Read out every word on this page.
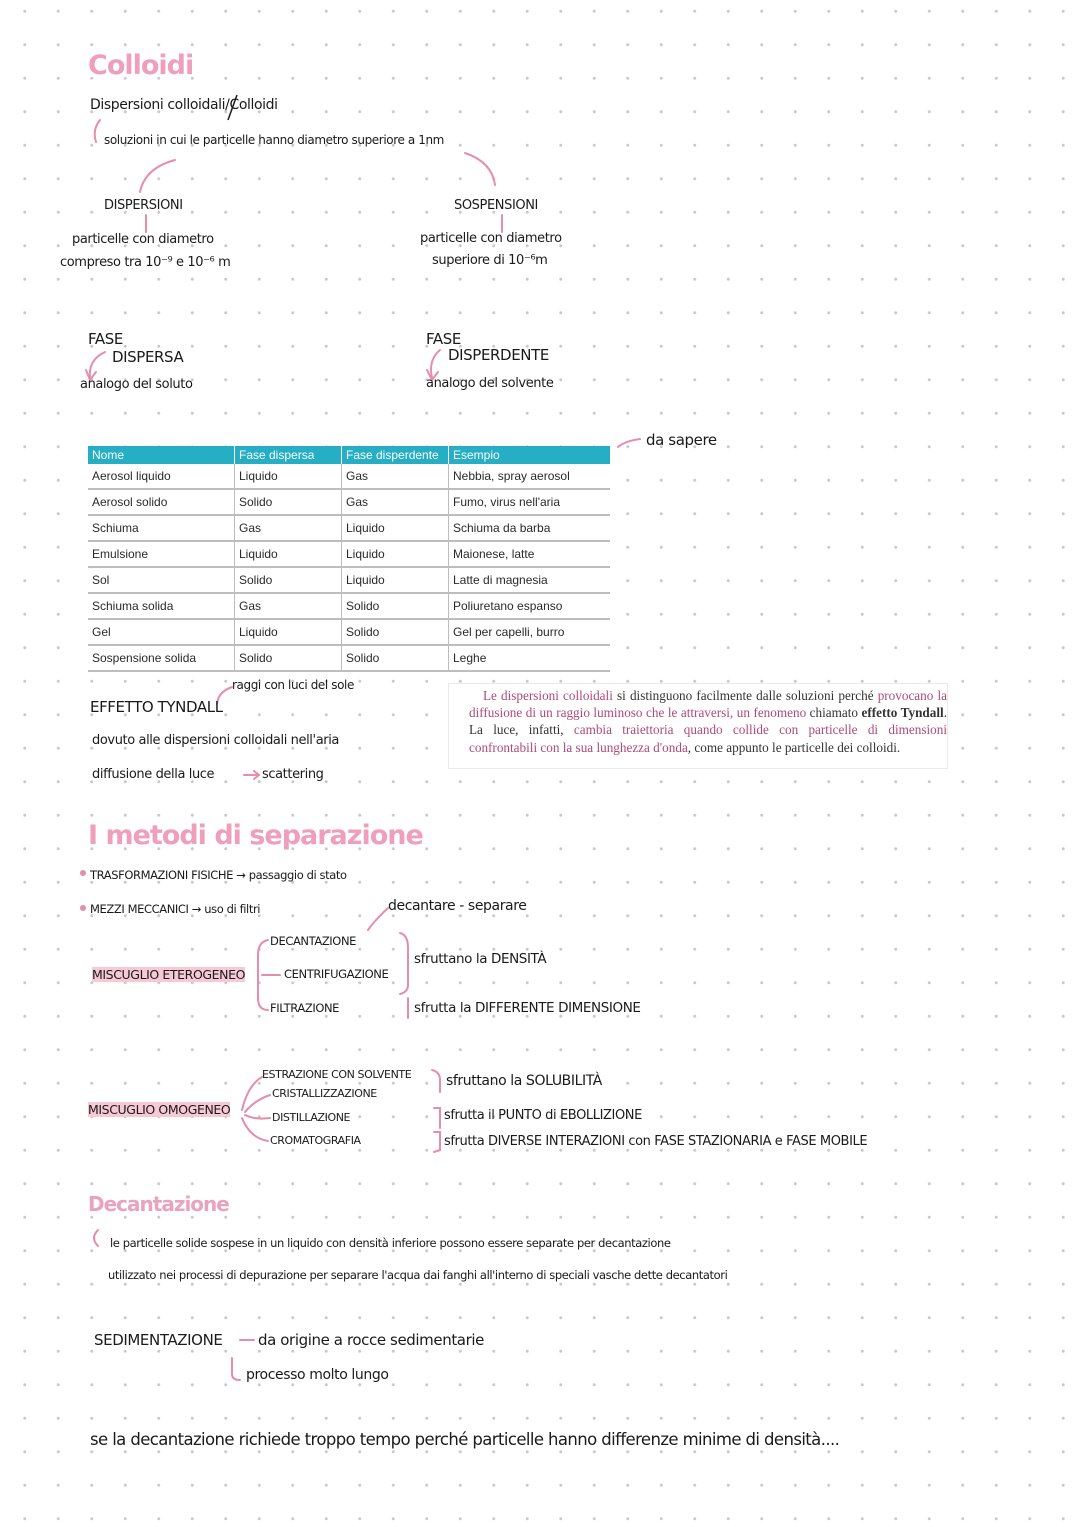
Colloidi
Dispersioni colloidali/Colloidi
soluzioni in cui le particelle hanno diametro superiore a 1nm
DISPERSIONI
particelle con diametro
compreso tra 10⁻⁹ e 10⁻⁶ m
SOSPENSIONI
particelle con diametro
superiore di 10⁻⁶m
FASE
DISPERSA
analogo del soluto
FASE
DISPERDENTE
analogo del solvente
da sapere
Nome	Fase dispersa	Fase disperdente	Esempio
Aerosol liquido	Liquido	Gas	Nebbia, spray aerosol
Aerosol solido	Solido	Gas	Fumo, virus nell'aria
Schiuma	Gas	Liquido	Schiuma da barba
Emulsione	Liquido	Liquido	Maionese, latte
Sol	Solido	Liquido	Latte di magnesia
Schiuma solida	Gas	Solido	Poliuretano espanso
Gel	Liquido	Solido	Gel per capelli, burro
Sospensione solida	Solido	Solido	Leghe
raggi con luci del sole
EFFETTO TYNDALL
dovuto alle dispersioni colloidali nell'aria
diffusione della luce	scattering
Le dispersioni colloidali si distinguono facilmente dalle soluzioni perché provocano la diffusione di un raggio luminoso che le attraversi, un fenomeno chiamato effetto Tyndall. La luce, infatti, cambia traiettoria quando collide con particelle di dimensioni confrontabili con la sua lunghezza d'onda, come appunto le particelle dei colloidi.
I metodi di separazione
TRASFORMAZIONI FISICHE → passaggio di stato
MEZZI MECCANICI → uso di filtri	decantare - separare
DECANTAZIONE
MISCUGLIO ETEROGENEO	CENTRIFUGAZIONE
FILTRAZIONE
sfruttano la DENSITÀ
sfrutta la DIFFERENTE DIMENSIONE
ESTRAZIONE CON SOLVENTE
CRISTALLIZZAZIONE
MISCUGLIO OMOGENEO
DISTILLAZIONE
CROMATOGRAFIA
sfruttano la SOLUBILITÀ
sfrutta il PUNTO di EBOLLIZIONE
sfrutta DIVERSE INTERAZIONI con FASE STAZIONARIA e FASE MOBILE
Decantazione
le particelle solide sospese in un liquido con densità inferiore possono essere separate per decantazione
utilizzato nei processi di depurazione per separare l'acqua dai fanghi all'interno di speciali vasche dette decantatori
SEDIMENTAZIONE da origine a rocce sedimentarie
processo molto lungo
se la decantazione richiede troppo tempo perché particelle hanno differenze minime di densità....
